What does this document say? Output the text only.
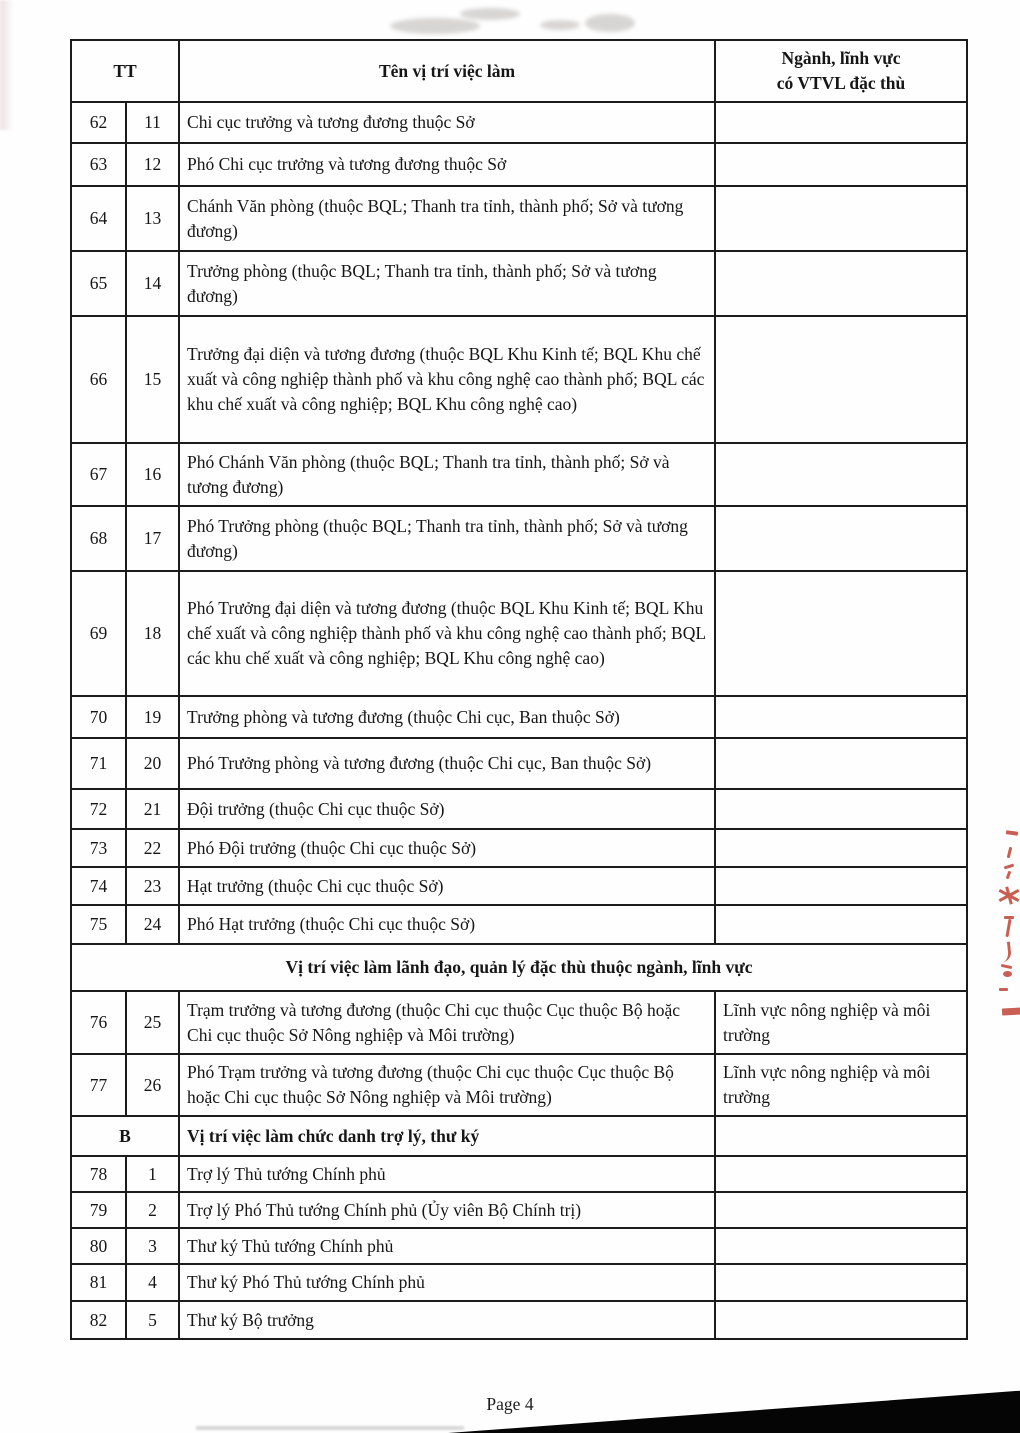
TT		Tên vị trí việc làm	Ngành, lĩnh vực
có VTVL đặc thù

62	11	Chi cục trưởng và tương đương thuộc Sở	
63	12	Phó Chi cục trưởng và tương đương thuộc Sở	
64	13	Chánh Văn phòng (thuộc BQL; Thanh tra tỉnh, thành phố; Sở và tương đương)	
65	14	Trưởng phòng (thuộc BQL; Thanh tra tỉnh, thành phố; Sở và tương đương)	
66	15	Trưởng đại diện và tương đương (thuộc BQL Khu Kinh tế; BQL Khu chế xuất và công nghiệp thành phố và khu công nghệ cao thành phố; BQL các khu chế xuất và công nghiệp; BQL Khu công nghệ cao)	
67	16	Phó Chánh Văn phòng (thuộc BQL; Thanh tra tỉnh, thành phố; Sở và tương đương)	
68	17	Phó Trưởng phòng (thuộc BQL; Thanh tra tỉnh, thành phố; Sở và tương đương)	
69	18	Phó Trưởng đại diện và tương đương (thuộc BQL Khu Kinh tế; BQL Khu chế xuất và công nghiệp thành phố và khu công nghệ cao thành phố; BQL các khu chế xuất và công nghiệp; BQL Khu công nghệ cao)	
70	19	Trưởng phòng và tương đương (thuộc Chi cục, Ban thuộc Sở)	
71	20	Phó Trưởng phòng và tương đương (thuộc Chi cục, Ban thuộc Sở)	
72	21	Đội trưởng (thuộc Chi cục thuộc Sở)	
73	22	Phó Đội trưởng (thuộc Chi cục thuộc Sở)	
74	23	Hạt trưởng (thuộc Chi cục thuộc Sở)	
75	24	Phó Hạt trưởng (thuộc Chi cục thuộc Sở)	
Vị trí việc làm lãnh đạo, quản lý đặc thù thuộc ngành, lĩnh vực			
76	25	Trạm trưởng và tương đương (thuộc Chi cục thuộc Cục thuộc Bộ hoặc Chi cục thuộc Sở Nông nghiệp và Môi trường)	Lĩnh vực nông nghiệp và môi trường
77	26	Phó Trạm trưởng và tương đương (thuộc Chi cục thuộc Cục thuộc Bộ hoặc Chi cục thuộc Sở Nông nghiệp và Môi trường)	Lĩnh vực nông nghiệp và môi trường
B		Vị trí việc làm chức danh trợ lý, thư ký	
78	1	Trợ lý Thủ tướng Chính phủ	
79	2	Trợ lý Phó Thủ tướng Chính phủ (Ủy viên Bộ Chính trị)	
80	3	Thư ký Thủ tướng Chính phủ	
81	4	Thư ký Phó Thủ tướng Chính phủ	
82	5	Thư ký Bộ trưởng	
Page 4
